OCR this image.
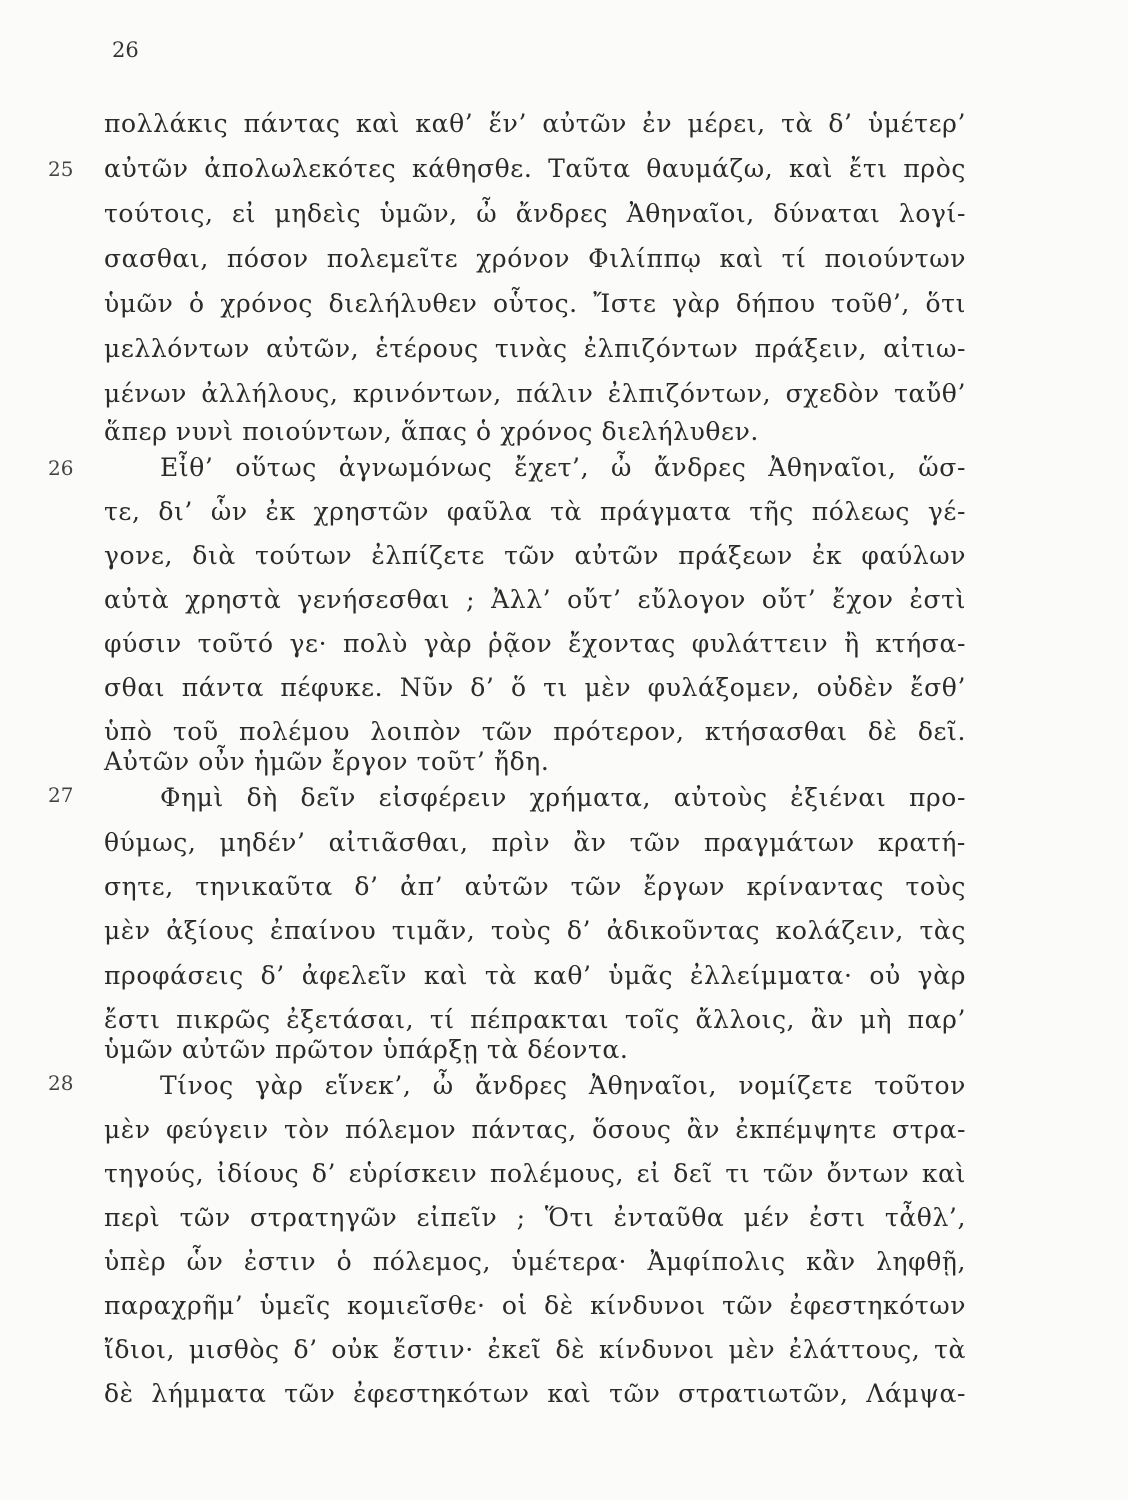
26
25
26
27
28
πολλάκις πάντας καὶ καθ’ ἕν’ αὐτῶν ἐν μέρει, τὰ δ’ ὑμέτερ’
αὐτῶν ἀπολωλεκότες κάθησθε. Ταῦτα θαυμάζω, καὶ ἔτι πρὸς
τούτοις, εἰ μηδεὶς ὑμῶν, ὦ ἄνδρες Ἀθηναῖοι, δύναται λογί-
σασθαι, πόσον πολεμεῖτε χρόνον Φιλίππῳ καὶ τί ποιούντων
ὑμῶν ὁ χρόνος διελήλυθεν οὗτος. Ἴστε γὰρ δήπου τοῦθ’, ὅτι
μελλόντων αὐτῶν, ἑτέρους τινὰς ἐλπιζόντων πράξειν, αἰτιω-
μένων ἀλλήλους, κρινόντων, πάλιν ἐλπιζόντων, σχεδὸν ταὔθ’
ἅπερ νυνὶ ποιούντων, ἅπας ὁ χρόνος διελήλυθεν.
Εἶθ’ οὕτως ἀγνωμόνως ἔχετ’, ὦ ἄνδρες Ἀθηναῖοι, ὥσ-
τε, δι’ ὧν ἐκ χρηστῶν φαῦλα τὰ πράγματα τῆς πόλεως γέ-
γονε, διὰ τούτων ἐλπίζετε τῶν αὐτῶν πράξεων ἐκ φαύλων
αὐτὰ χρηστὰ γενήσεσθαι ; Ἀλλ’ οὔτ’ εὔλογον οὔτ’ ἔχον ἐστὶ
φύσιν τοῦτό γε· πολὺ γὰρ ῥᾷον ἔχοντας φυλάττειν ἢ κτήσα-
σθαι πάντα πέφυκε. Νῦν δ’ ὅ τι μὲν φυλάξομεν, οὐδὲν ἔσθ’
ὑπὸ τοῦ πολέμου λοιπὸν τῶν πρότερον, κτήσασθαι δὲ δεῖ.
Αὐτῶν οὖν ἡμῶν ἔργον τοῦτ’ ἤδη.
Φημὶ δὴ δεῖν εἰσφέρειν χρήματα, αὐτοὺς ἐξιέναι προ-
θύμως, μηδέν’ αἰτιᾶσθαι, πρὶν ἂν τῶν πραγμάτων κρατή-
σητε, τηνικαῦτα δ’ ἀπ’ αὐτῶν τῶν ἔργων κρίναντας τοὺς
μὲν ἀξίους ἐπαίνου τιμᾶν, τοὺς δ’ ἀδικοῦντας κολάζειν, τὰς
προφάσεις δ’ ἀφελεῖν καὶ τὰ καθ’ ὑμᾶς ἐλλείμματα· οὐ γὰρ
ἔστι πικρῶς ἐξετάσαι, τί πέπρακται τοῖς ἄλλοις, ἂν μὴ παρ’
ὑμῶν αὐτῶν πρῶτον ὑπάρξῃ τὰ δέοντα.
Τίνος γὰρ εἵνεκ’, ὦ ἄνδρες Ἀθηναῖοι, νομίζετε τοῦτον
μὲν φεύγειν τὸν πόλεμον πάντας, ὅσους ἂν ἐκπέμψητε στρα-
τηγούς, ἰδίους δ’ εὑρίσκειν πολέμους, εἰ δεῖ τι τῶν ὄντων καὶ
περὶ τῶν στρατηγῶν εἰπεῖν ; Ὅτι ἐνταῦθα μέν ἐστι τἆθλ’,
ὑπὲρ ὧν ἐστιν ὁ πόλεμος, ὑμέτερα· Ἀμφίπολις κἂν ληφθῇ,
παραχρῆμ’ ὑμεῖς κομιεῖσθε· οἱ δὲ κίνδυνοι τῶν ἐφεστηκότων
ἴδιοι, μισθὸς δ’ οὐκ ἔστιν· ἐκεῖ δὲ κίνδυνοι μὲν ἐλάττους, τὰ
δὲ λήμματα τῶν ἐφεστηκότων καὶ τῶν στρατιωτῶν, Λάμψα-
